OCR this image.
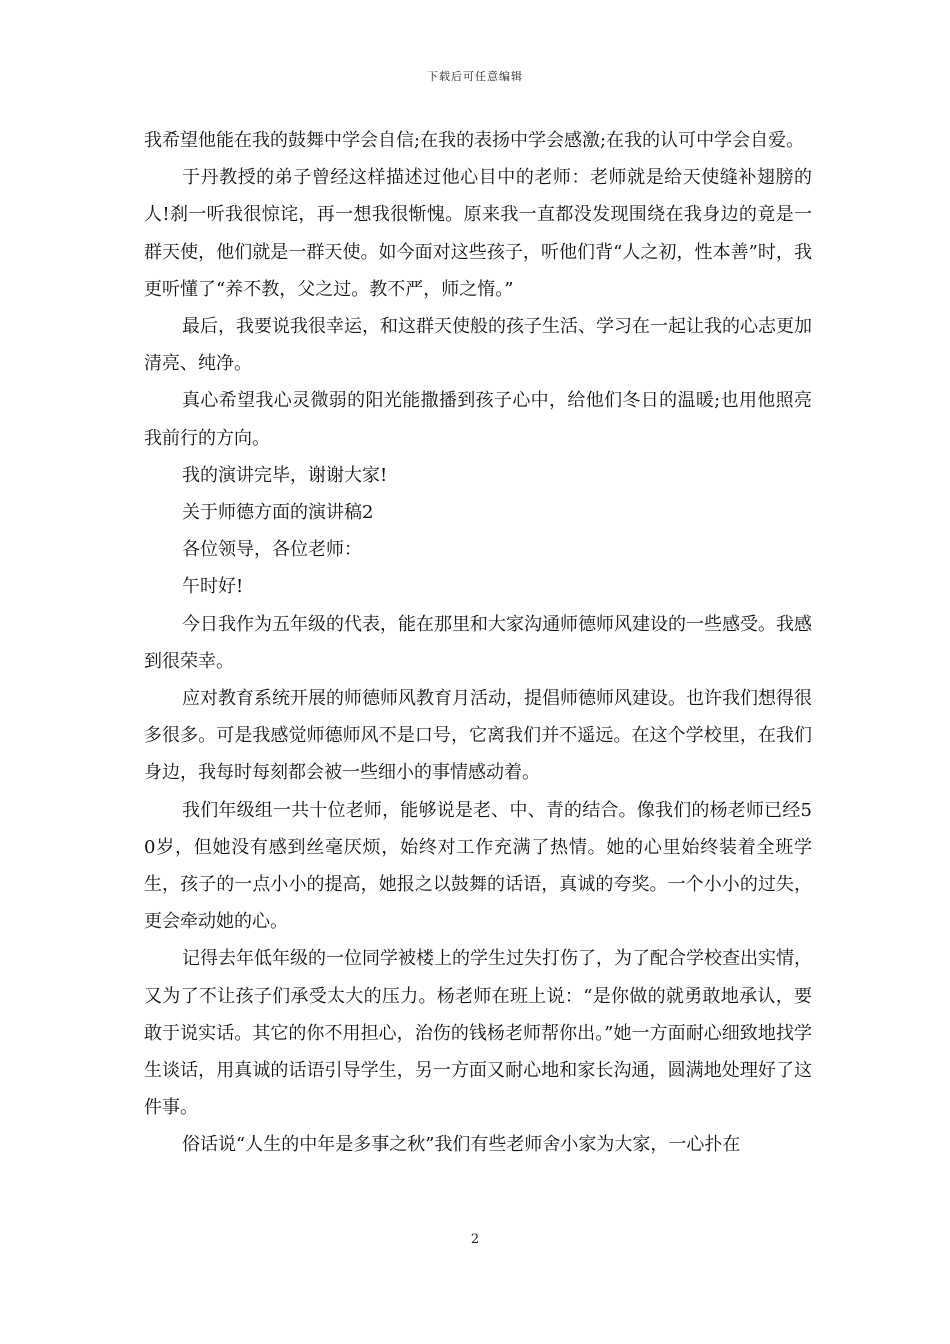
下载后可任意编辑

我希望他能在我的鼓舞中学会自信;在我的表扬中学会感激;在我的认可中学会自爱。

于丹教授的弟子曾经这样描述过他心目中的老师：老师就是给天使缝补翅膀的人!刹一听我很惊诧，再一想我很惭愧。原来我一直都没发现围绕在我身边的竟是一群天使，他们就是一群天使。如今面对这些孩子，听他们背“人之初，性本善”时，我更听懂了“养不教，父之过。教不严，师之惰。”

最后，我要说我很幸运，和这群天使般的孩子生活、学习在一起让我的心志更加清亮、纯净。

真心希望我心灵微弱的阳光能撒播到孩子心中，给他们冬日的温暖;也用他照亮我前行的方向。

我的演讲完毕，谢谢大家!

关于师德方面的演讲稿2

各位领导，各位老师：

午时好!

今日我作为五年级的代表，能在那里和大家沟通师德师风建设的一些感受。我感到很荣幸。

应对教育系统开展的师德师风教育月活动，提倡师德师风建设。也许我们想得很多很多。可是我感觉师德师风不是口号，它离我们并不遥远。在这个学校里，在我们身边，我每时每刻都会被一些细小的事情感动着。

我们年级组一共十位老师，能够说是老、中、青的结合。像我们的杨老师已经50岁，但她没有感到丝毫厌烦，始终对工作充满了热情。她的心里始终装着全班学生，孩子的一点小小的提高，她报之以鼓舞的话语，真诚的夸奖。一个小小的过失，更会牵动她的心。

记得去年低年级的一位同学被楼上的学生过失打伤了，为了配合学校查出实情，又为了不让孩子们承受太大的压力。杨老师在班上说：“是你做的就勇敢地承认，要敢于说实话。其它的你不用担心，治伤的钱杨老师帮你出。”她一方面耐心细致地找学生谈话，用真诚的话语引导学生，另一方面又耐心地和家长沟通，圆满地处理好了这件事。

俗话说“人生的中年是多事之秋”我们有些老师舍小家为大家，一心扑在

2
